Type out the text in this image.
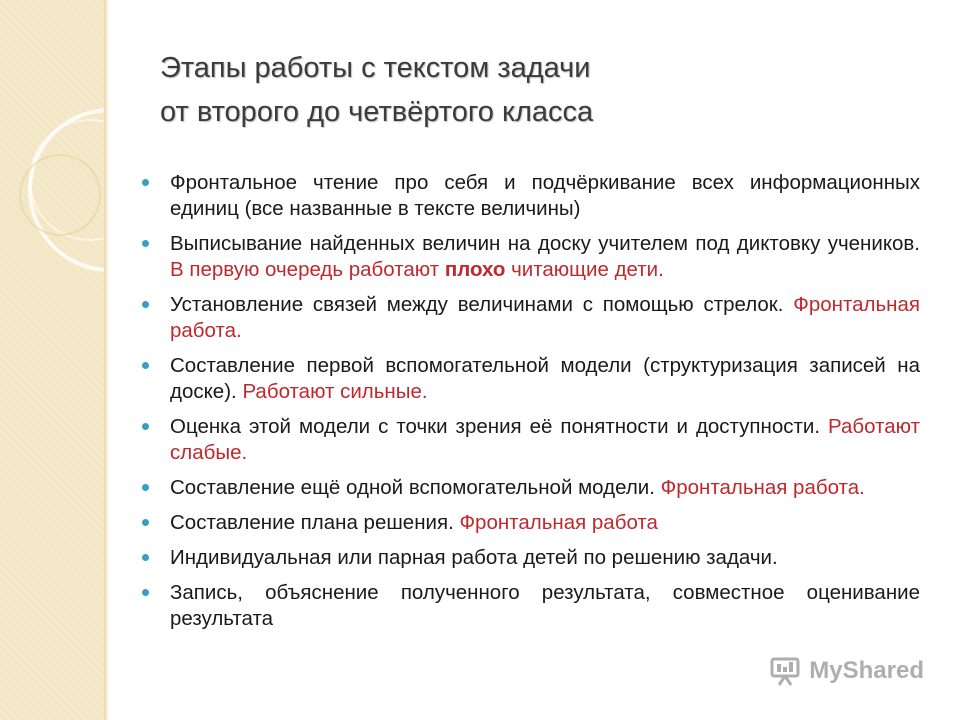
Этапы работы с текстом задачи
от второго до четвёртого класса
Фронтальное чтение про себя и подчёркивание всех информационных единиц (все названные в тексте величины)
Выписывание найденных величин на доску учителем под диктовку учеников. В первую очередь работают плохо читающие дети.
Установление связей между величинами с помощью стрелок. Фронтальная работа.
Составление первой вспомогательной модели (структуризация записей на доске). Работают сильные.
Оценка этой модели с точки зрения её понятности и доступности. Работают слабые.
Составление ещё одной вспомогательной модели. Фронтальная работа.
Составление плана решения. Фронтальная работа
Индивидуальная или парная работа детей по решению задачи.
Запись, объяснение полученного результата, совместное оценивание результата
MyShared
